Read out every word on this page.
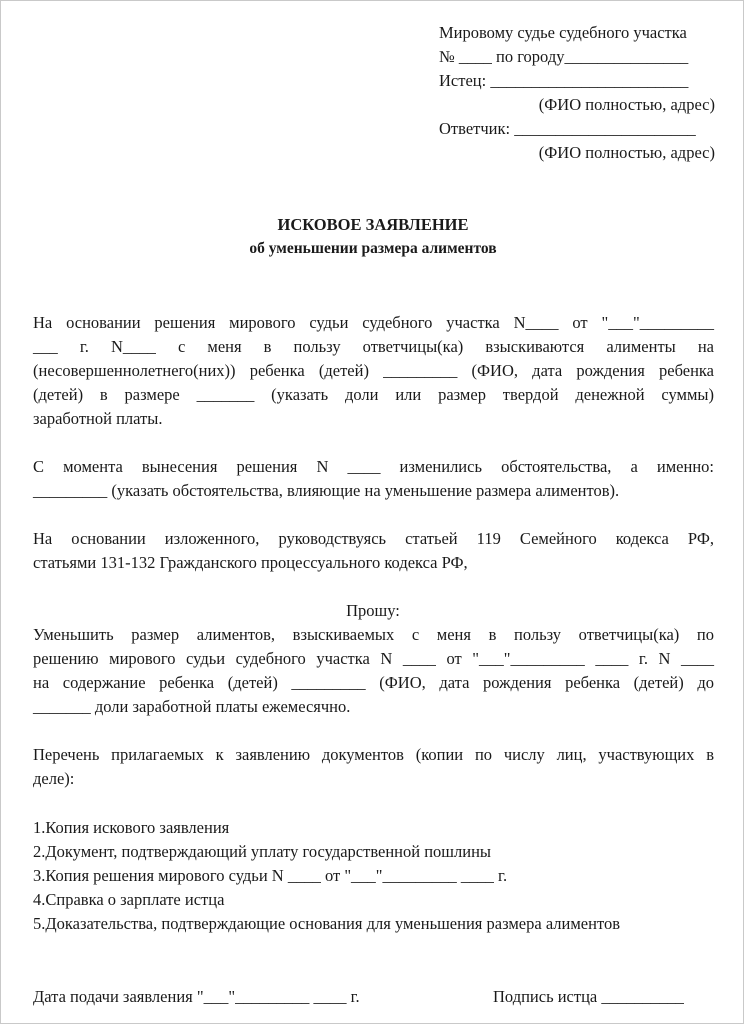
Мировому судье судебного участка
№ ____ по городу_______________
Истец: ________________________
(ФИО полностью, адрес)
Ответчик: ______________________
(ФИО полностью, адрес)
ИСКОВОЕ ЗАЯВЛЕНИЕ
об уменьшении размера алиментов
На основании решения мирового судьи судебного участка N____ от "___"_________
___ г. N____ с меня в пользу ответчицы(ка) взыскиваются алименты на
(несовершеннолетнего(них)) ребенка (детей) _________ (ФИО, дата рождения ребенка
(детей) в размере _______ (указать доли или размер твердой денежной суммы)
заработной платы.
С момента вынесения решения N ____ изменились обстоятельства, а именно:
_________ (указать обстоятельства, влияющие на уменьшение размера алиментов).
На основании изложенного, руководствуясь статьей 119 Семейного кодекса РФ,
статьями 131-132 Гражданского процессуального кодекса РФ,
Прошу:
Уменьшить размер алиментов, взыскиваемых с меня в пользу ответчицы(ка) по
решению мирового судьи судебного участка N ____ от "___"_________ ____ г. N ____
на содержание ребенка (детей) _________ (ФИО, дата рождения ребенка (детей) до
_______ доли заработной платы ежемесячно.
Перечень прилагаемых к заявлению документов (копии по числу лиц, участвующих в
деле):
1.Копия искового заявления
2.Документ, подтверждающий уплату государственной пошлины
3.Копия решения мирового судьи N ____ от "___"_________ ____ г.
4.Справка о зарплате истца
5.Доказательства, подтверждающие основания для уменьшения размера алиментов
Дата подачи заявления "___"_________ ____ г.	Подпись истца __________
